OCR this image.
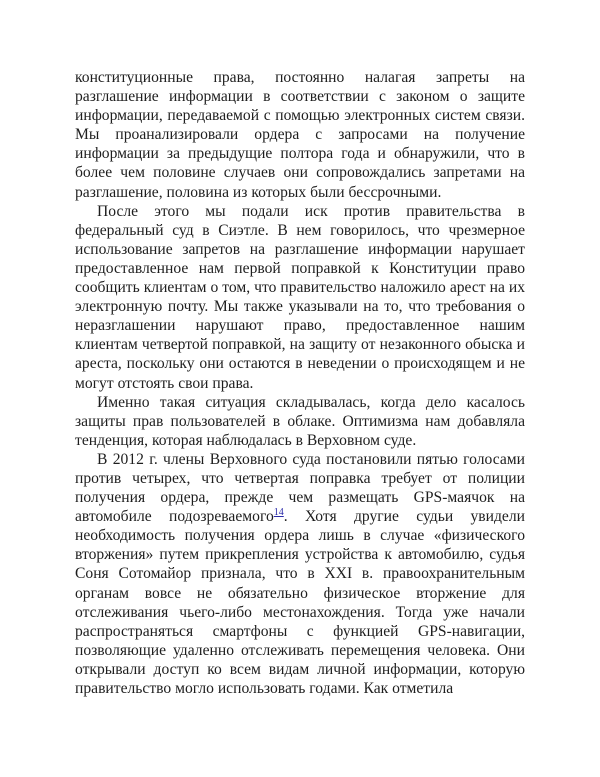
конституционные права, постоянно налагая запреты на разглашение информации в соответствии с законом о защите информации, передаваемой с помощью электронных систем связи. Мы проанализировали ордера с запросами на получение информации за предыдущие полтора года и обнаружили, что в более чем половине случаев они сопровождались запретами на разглашение, половина из которых были бессрочными.

После этого мы подали иск против правительства в федеральный суд в Сиэтле. В нем говорилось, что чрезмерное использование запретов на разглашение информации нарушает предоставленное нам первой поправкой к Конституции право сообщить клиентам о том, что правительство наложило арест на их электронную почту. Мы также указывали на то, что требования о неразглашении нарушают право, предоставленное нашим клиентам четвертой поправкой, на защиту от незаконного обыска и ареста, поскольку они остаются в неведении о происходящем и не могут отстоять свои права.

Именно такая ситуация складывалась, когда дело касалось защиты прав пользователей в облаке. Оптимизма нам добавляла тенденция, которая наблюдалась в Верховном суде.

В 2012 г. члены Верховного суда постановили пятью голосами против четырех, что четвертая поправка требует от полиции получения ордера, прежде чем размещать GPS-маячок на автомобиле подозреваемого$^{14}$. Хотя другие судьи увидели необходимость получения ордера лишь в случае «физического вторжения» путем прикрепления устройства к автомобилю, судья Соня Сотомайор признала, что в XXI в. правоохранительным органам вовсе не обязательно физическое вторжение для отслеживания чьего-либо местонахождения. Тогда уже начали распространяться смартфоны с функцией GPS-навигации, позволяющие удаленно отслеживать перемещения человека. Они открывали доступ ко всем видам личной информации, которую правительство могло использовать годами. Как отметила
